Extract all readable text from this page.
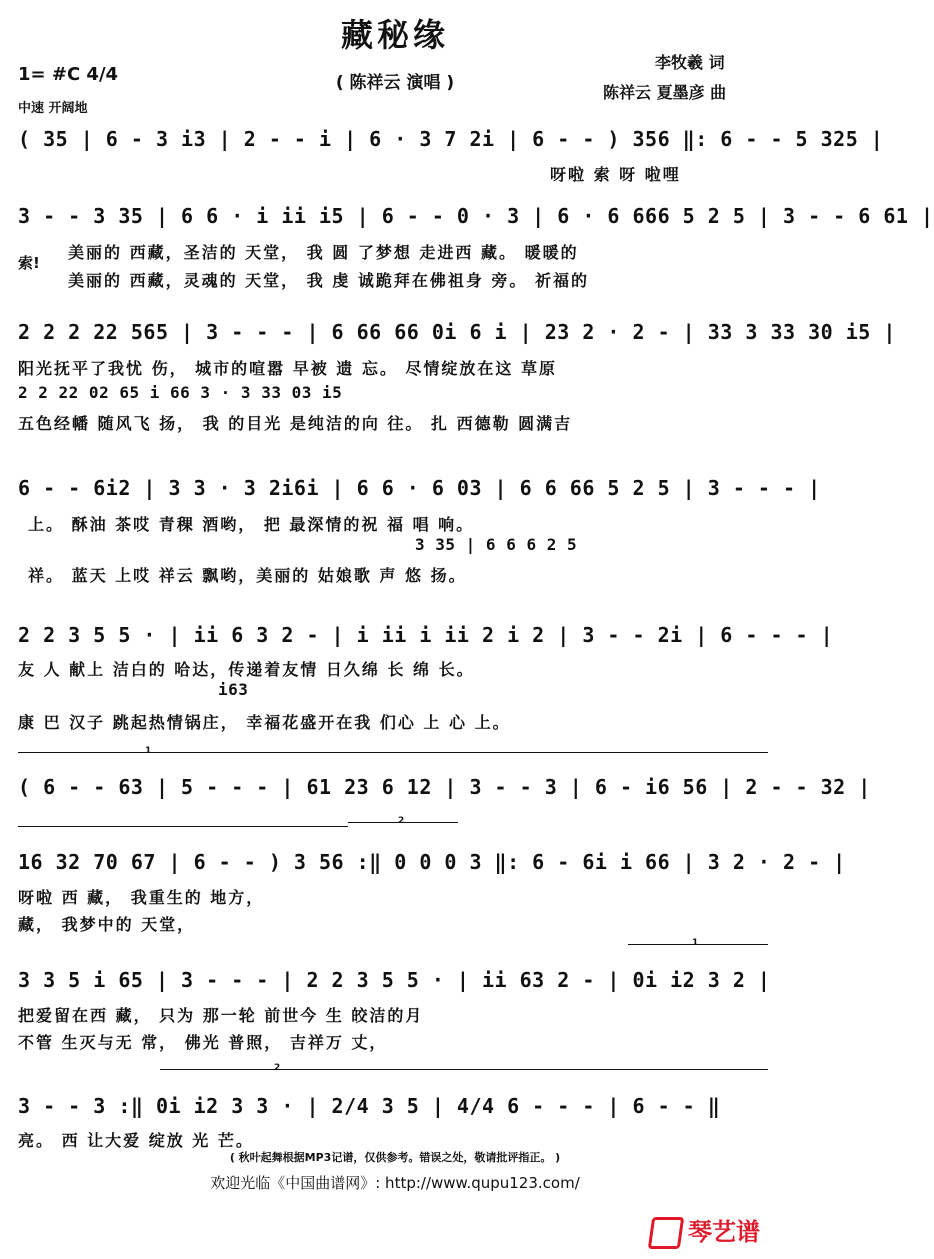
藏秘缘
( 陈祥云 演唱 )
李牧羲 词
陈祥云 夏墨彦 曲
1= #C 4/4
中速 开阔地
( 35 | 6 - 3 i3 | 2 - - i | 6 · 3 7 2i | 6 - - ) 356 ‖: 6 - - 5 325 |
呀啦 索 呀 啦哩
3 - - 3 35 | 6 6 · i ii i5 | 6 - - 0 · 3 | 6 · 6 666 5 2 5 | 3 - - 6 61 |
索!
美丽的 西藏，圣洁的 天堂， 我 圆 了梦想 走进西 藏。 暖暖的
美丽的 西藏，灵魂的 天堂， 我 虔 诚跪拜在佛祖身 旁。 祈福的
2 2 2 22 565 | 3 - - - | 6 66 66 0i 6 i | 23 2 · 2 - | 33 3 33 30 i5 |
阳光抚平了我忧 伤， 城市的喧嚣 早被 遗 忘。 尽情绽放在这 草原
2 2 22 02 65 i 66 3 · 3 33 03 i5
五色经幡 随风飞 扬， 我 的目光 是纯洁的向 往。 扎 西德勒 圆满吉
6 - - 6i2 | 3 3 · 3 2i6i | 6 6 · 6 03 | 6 6 66 5 2 5 | 3 - - - |
上。 酥油 茶哎 青稞 酒哟， 把 最深情的祝 福 唱 响。
3 35 | 6 6 6 2 5
祥。 蓝天 上哎 祥云 飘哟，美丽的 姑娘歌 声 悠 扬。
2 2 3 5 5 · | ii 6 3 2 - | i ii i ii 2 i 2 | 3 - - 2i | 6 - - - |
友 人 献上 洁白的 哈达，传递着友情 日久绵 长 绵 长。
i63
康 巴 汉子 跳起热情锅庄， 幸福花盛开在我 们心 上 心 上。
1
( 6 - - 63 | 5 - - - | 61 23 6 12 | 3 - - 3 | 6 - i6 56 | 2 - - 32 |
2
16 32 70 67 | 6 - - ) 3 56 :‖ 0 0 0 3 ‖: 6 - 6i i 66 | 3 2 · 2 - |
呀啦 西 藏， 我重生的 地方，
藏， 我梦中的 天堂，
1
3 3 5 i 65 | 3 - - - | 2 2 3 5 5 · | ii 63 2 - | 0i i2 3 2 |
把爱留在西 藏， 只为 那一轮 前世今 生 皎洁的月
不管 生灭与无 常， 佛光 普照， 吉祥万 丈，
2
3 - - 3 :‖ 0i i2 3 3 · | 2/4 3 5 | 4/4 6 - - - | 6 - - ‖
亮。 西 让大爱 绽放 光 芒。
( 秋叶起舞根据MP3记谱，仅供参考。错误之处，敬请批评指正。 )
欢迎光临《中国曲谱网》: http://www.qupu123.com/
琴艺谱
